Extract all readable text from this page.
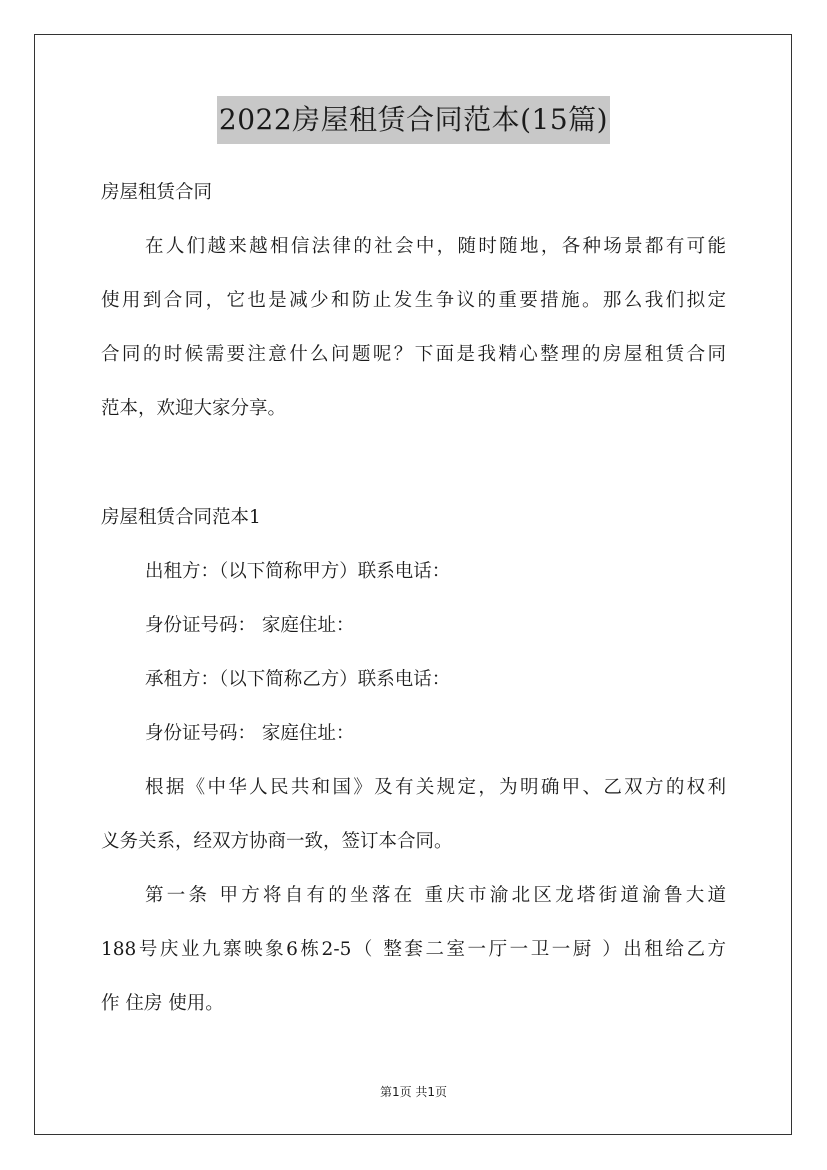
2022房屋租赁合同范本(15篇)
房屋租赁合同
在人们越来越相信法律的社会中，随时随地，各种场景都有可能
使用到合同，它也是减少和防止发生争议的重要措施。那么我们拟定
合同的时候需要注意什么问题呢？下面是我精心整理的房屋租赁合同
范本，欢迎大家分享。
房屋租赁合同范本1
出租方：（以下简称甲方）联系电话：
身份证号码： 家庭住址：
承租方：（以下简称乙方）联系电话：
身份证号码： 家庭住址：
根据《中华人民共和国》及有关规定，为明确甲、乙双方的权利
义务关系，经双方协商一致，签订本合同。
第一条 甲方将自有的坐落在 重庆市渝北区龙塔街道渝鲁大道
188号庆业九寨映象6栋2-5（ 整套二室一厅一卫一厨 ）出租给乙方
作 住房 使用。
第1页 共1页
